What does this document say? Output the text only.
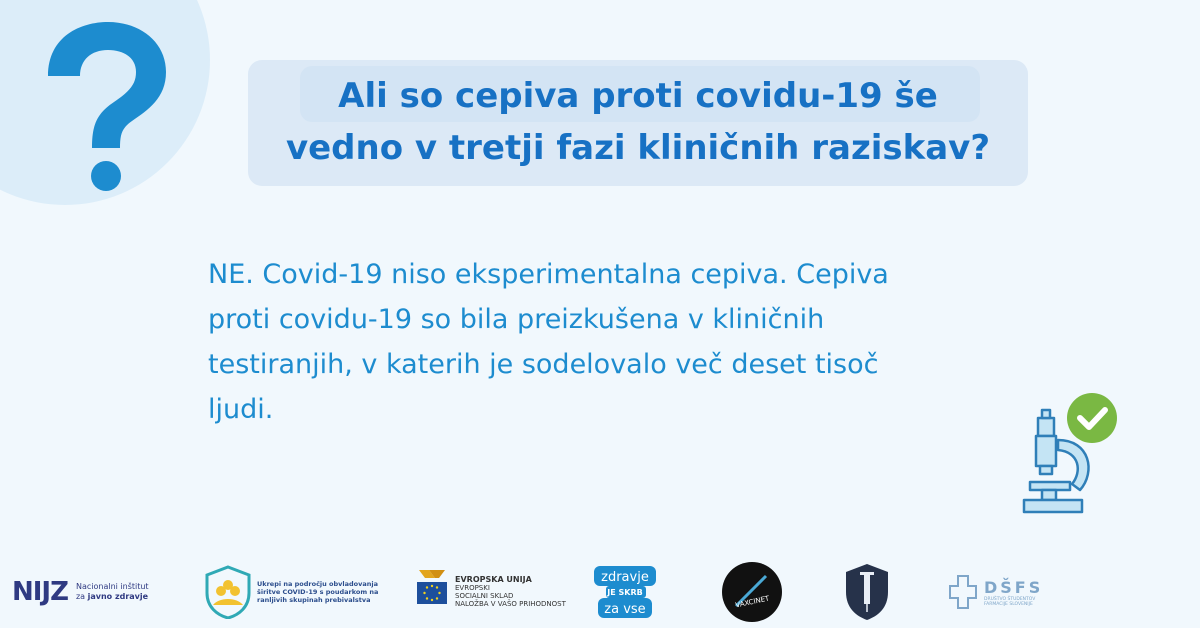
Ali so cepiva proti covidu-19 še
vedno v tretji fazi kliničnih raziskav?
NE. Covid-19 niso eksperimentalna cepiva. Cepiva
proti covidu-19 so bila preizkušena v kliničnih
testiranjih, v katerih je sodelovalo več deset tisoč
ljudi.
NIJZ Nacionalni inštitut
za javno zdravje
Ukrepi na področju obvladovanja
širitve COVID-19 s poudarkom na
ranljivih skupinah prebivalstva
EVROPSKA UNIJA
EVROPSKI
SOCIALNI SKLAD
NALOŽBA V VAŠO PRIHODNOST
zdravje
JE SKRB
za vse
VAXCINET
DŠFS
DRUŠTVO ŠTUDENTOV
FARMACIJE SLOVENIJE
